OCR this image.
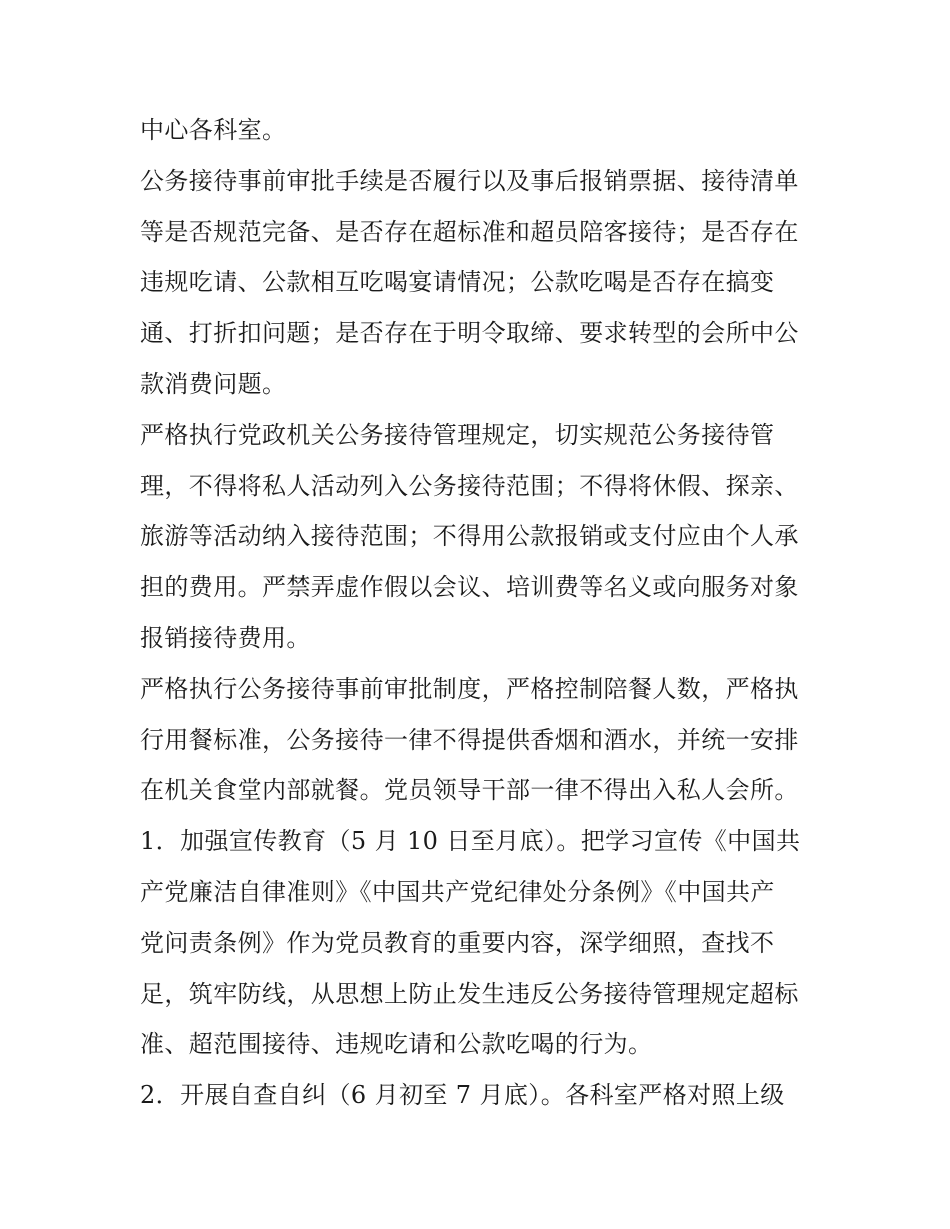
中心各科室。
公务接待事前审批手续是否履行以及事后报销票据、接待清单
等是否规范完备、是否存在超标准和超员陪客接待；是否存在
违规吃请、公款相互吃喝宴请情况；公款吃喝是否存在搞变
通、打折扣问题；是否存在于明令取缔、要求转型的会所中公
款消费问题。
严格执行党政机关公务接待管理规定，切实规范公务接待管
理，不得将私人活动列入公务接待范围；不得将休假、探亲、
旅游等活动纳入接待范围；不得用公款报销或支付应由个人承
担的费用。严禁弄虚作假以会议、培训费等名义或向服务对象
报销接待费用。
严格执行公务接待事前审批制度，严格控制陪餐人数，严格执
行用餐标准，公务接待一律不得提供香烟和酒水，并统一安排
在机关食堂内部就餐。党员领导干部一律不得出入私人会所。
1．加强宣传教育（5 月 10 日至月底）。把学习宣传《中国共
产党廉洁自律准则》《中国共产党纪律处分条例》《中国共产
党问责条例》作为党员教育的重要内容，深学细照，查找不
足，筑牢防线，从思想上防止发生违反公务接待管理规定超标
准、超范围接待、违规吃请和公款吃喝的行为。
2．开展自查自纠（6 月初至 7 月底）。各科室严格对照上级
